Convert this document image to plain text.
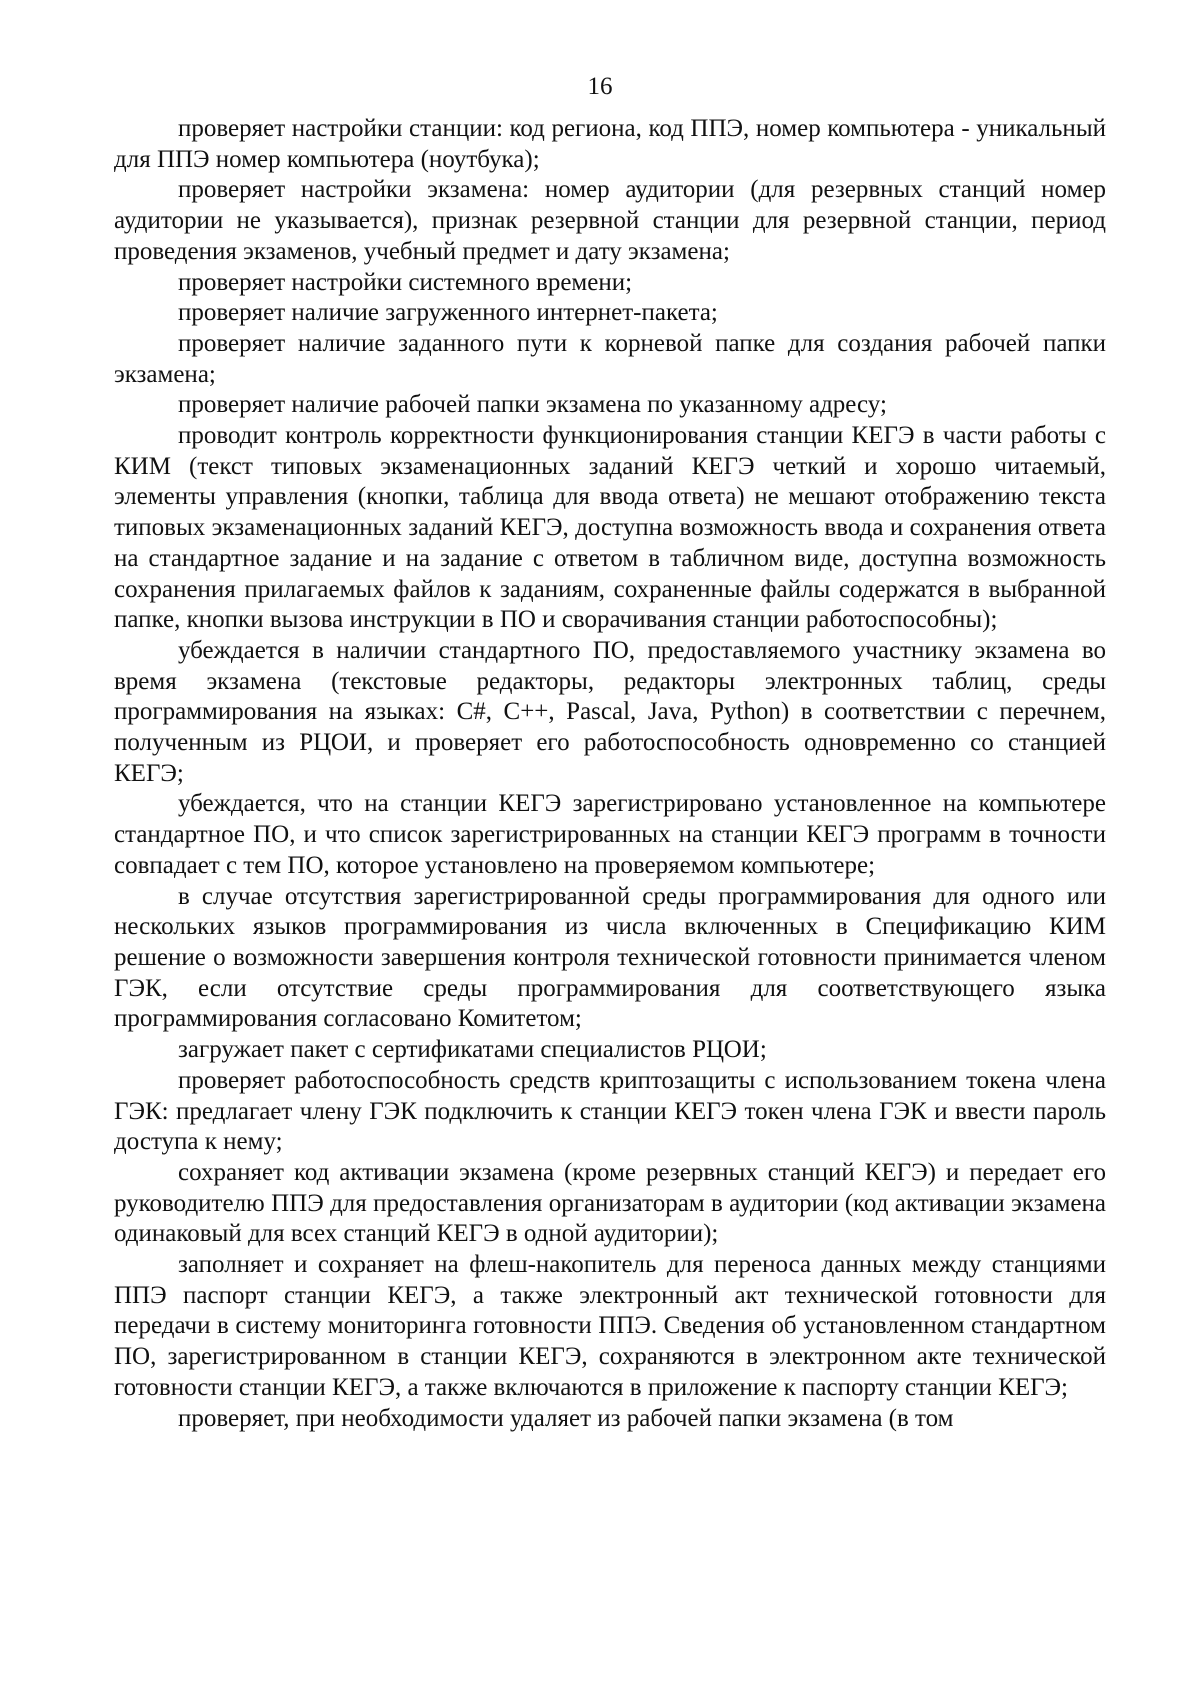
16

проверяет настройки станции: код региона, код ППЭ, номер компьютера - уникальный для ППЭ номер компьютера (ноутбука);

проверяет настройки экзамена: номер аудитории (для резервных станций номер аудитории не указывается), признак резервной станции для резервной станции, период проведения экзаменов, учебный предмет и дату экзамена;

проверяет настройки системного времени;

проверяет наличие загруженного интернет-пакета;

проверяет наличие заданного пути к корневой папке для создания рабочей папки экзамена;

проверяет наличие рабочей папки экзамена по указанному адресу;

проводит контроль корректности функционирования станции КЕГЭ в части работы с КИМ (текст типовых экзаменационных заданий КЕГЭ четкий и хорошо читаемый, элементы управления (кнопки, таблица для ввода ответа) не мешают отображению текста типовых экзаменационных заданий КЕГЭ, доступна возможность ввода и сохранения ответа на стандартное задание и на задание с ответом в табличном виде, доступна возможность сохранения прилагаемых файлов к заданиям, сохраненные файлы содержатся в выбранной папке, кнопки вызова инструкции в ПО и сворачивания станции работоспособны);

убеждается в наличии стандартного ПО, предоставляемого участнику экзамена во время экзамена (текстовые редакторы, редакторы электронных таблиц, среды программирования на языках: C#, C++, Pascal, Java, Python) в соответствии с перечнем, полученным из РЦОИ, и проверяет его работоспособность одновременно со станцией КЕГЭ;

убеждается, что на станции КЕГЭ зарегистрировано установленное на компьютере стандартное ПО, и что список зарегистрированных на станции КЕГЭ программ в точности совпадает с тем ПО, которое установлено на проверяемом компьютере;

в случае отсутствия зарегистрированной среды программирования для одного или нескольких языков программирования из числа включенных в Спецификацию КИМ решение о возможности завершения контроля технической готовности принимается членом ГЭК, если отсутствие среды программирования для соответствующего языка программирования согласовано Комитетом;

загружает пакет с сертификатами специалистов РЦОИ;

проверяет работоспособность средств криптозащиты с использованием токена члена ГЭК: предлагает члену ГЭК подключить к станции КЕГЭ токен члена ГЭК и ввести пароль доступа к нему;

сохраняет код активации экзамена (кроме резервных станций КЕГЭ) и передает его руководителю ППЭ для предоставления организаторам в аудитории (код активации экзамена одинаковый для всех станций КЕГЭ в одной аудитории);

заполняет и сохраняет на флеш-накопитель для переноса данных между станциями ППЭ паспорт станции КЕГЭ, а также электронный акт технической готовности для передачи в систему мониторинга готовности ППЭ. Сведения об установленном стандартном ПО, зарегистрированном в станции КЕГЭ, сохраняются в электронном акте технической готовности станции КЕГЭ, а также включаются в приложение к паспорту станции КЕГЭ;

проверяет, при необходимости удаляет из рабочей папки экзамена (в том
